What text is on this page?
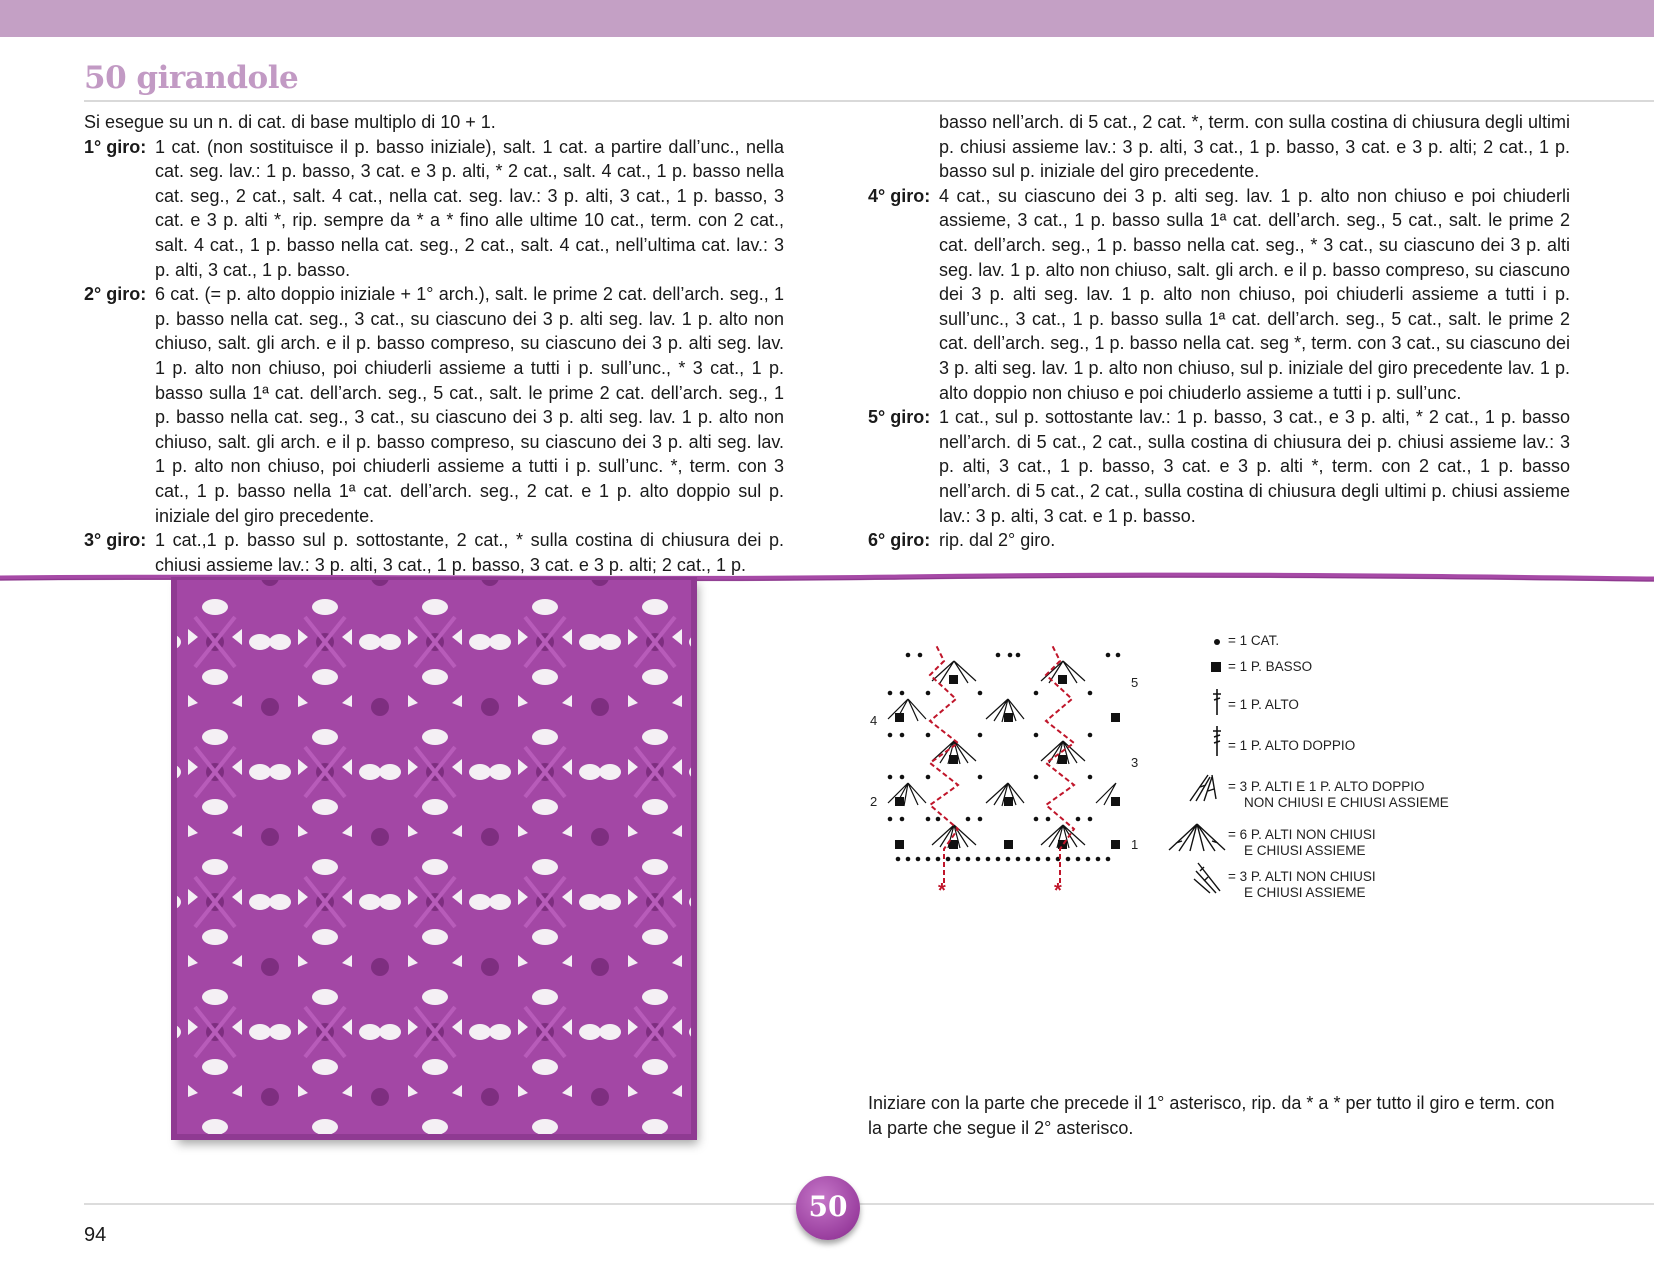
50 girandole

Si esegue su un n. di cat. di base multiplo di 10 + 1.

1° giro: 1 cat. (non sostituisce il p. basso iniziale), salt. 1 cat. a partire dall’unc., nella cat. seg. lav.: 1 p. basso, 3 cat. e 3 p. alti, * 2 cat., salt. 4 cat., 1 p. basso nella cat. seg., 2 cat., salt. 4 cat., nella cat. seg. lav.: 3 p. alti, 3 cat., 1 p. basso, 3 cat. e 3 p. alti *, rip. sempre da * a * fino alle ultime 10 cat., term. con 2 cat., salt. 4 cat., 1 p. basso nella cat. seg., 2 cat., salt. 4 cat., nell’ultima cat. lav.: 3 p. alti, 3 cat., 1 p. basso.
2° giro: 6 cat. (= p. alto doppio iniziale + 1° arch.), salt. le prime 2 cat. dell’arch. seg., 1 p. basso nella cat. seg., 3 cat., su ciascuno dei 3 p. alti seg. lav. 1 p. alto non chiuso, salt. gli arch. e il p. basso compreso, su ciascuno dei 3 p. alti seg. lav. 1 p. alto non chiuso, poi chiuderli assieme a tutti i p. sull’unc., * 3 cat., 1 p. basso sulla 1ª cat. dell’arch. seg., 5 cat., salt. le prime 2 cat. dell’arch. seg., 1 p. basso nella cat. seg., 3 cat., su ciascuno dei 3 p. alti seg. lav. 1 p. alto non chiuso, salt. gli arch. e il p. basso compreso, su ciascuno dei 3 p. alti seg. lav. 1 p. alto non chiuso, poi chiuderli assieme a tutti i p. sull’unc. *, term. con 3 cat., 1 p. basso nella 1ª cat. dell’arch. seg., 2 cat. e 1 p. alto doppio sul p. iniziale del giro precedente.
3° giro: 1 cat.,1 p. basso sul p. sottostante, 2 cat., * sulla costina di chiusura dei p. chiusi assieme lav.: 3 p. alti, 3 cat., 1 p. basso, 3 cat. e 3 p. alti; 2 cat., 1 p.
basso nell’arch. di 5 cat., 2 cat. *, term. con sulla costina di chiusura degli ultimi p. chiusi assieme lav.: 3 p. alti, 3 cat., 1 p. basso, 3 cat. e 3 p. alti; 2 cat., 1 p. basso sul p. iniziale del giro precedente.
4° giro: 4 cat., su ciascuno dei 3 p. alti seg. lav. 1 p. alto non chiuso e poi chiuderli assieme, 3 cat., 1 p. basso sulla 1ª cat. dell’arch. seg., 5 cat., salt. le prime 2 cat. dell’arch. seg., 1 p. basso nella cat. seg., * 3 cat., su ciascuno dei 3 p. alti seg. lav. 1 p. alto non chiuso, salt. gli arch. e il p. basso compreso, su ciascuno dei 3 p. alti seg. lav. 1 p. alto non chiuso, poi chiuderli assieme a tutti i p. sull’unc., 3 cat., 1 p. basso sulla 1ª cat. dell’arch. seg., 5 cat., salt. le prime 2 cat. dell’arch. seg., 1 p. basso nella cat. seg *, term. con 3 cat., su ciascuno dei 3 p. alti seg. lav. 1 p. alto non chiuso, sul p. iniziale del giro precedente lav. 1 p. alto doppio non chiuso e poi chiuderlo assieme a tutti i p. sull’unc.
5° giro: 1 cat., sul p. sottostante lav.: 1 p. basso, 3 cat., e 3 p. alti, * 2 cat., 1 p. basso nell’arch. di 5 cat., 2 cat., sulla costina di chiusura dei p. chiusi assieme lav.: 3 p. alti, 3 cat., 1 p. basso, 3 cat. e 3 p. alti *, term. con 2 cat., 1 p. basso nell’arch. di 5 cat., 2 cat., sulla costina di chiusura degli ultimi p. chiusi assieme lav.: 3 p. alti, 3 cat. e 1 p. basso.
6° giro: rip. dal 2° giro.
*	*
1
2
3
4
5
= 1 CAT.
= 1 P. BASSO
= 1 P. ALTO
= 1 P. ALTO DOPPIO
= 3 P. ALTI E 1 P. ALTO DOPPIO
NON CHIUSI E CHIUSI ASSIEME
= 6 P. ALTI NON CHIUSI
E CHIUSI ASSIEME
= 3 P. ALTI NON CHIUSI
E CHIUSI ASSIEME
Iniziare con la parte che precede il 1° asterisco, rip. da * a * per tutto il giro e term. con la parte che segue il 2° asterisco.
94
50
